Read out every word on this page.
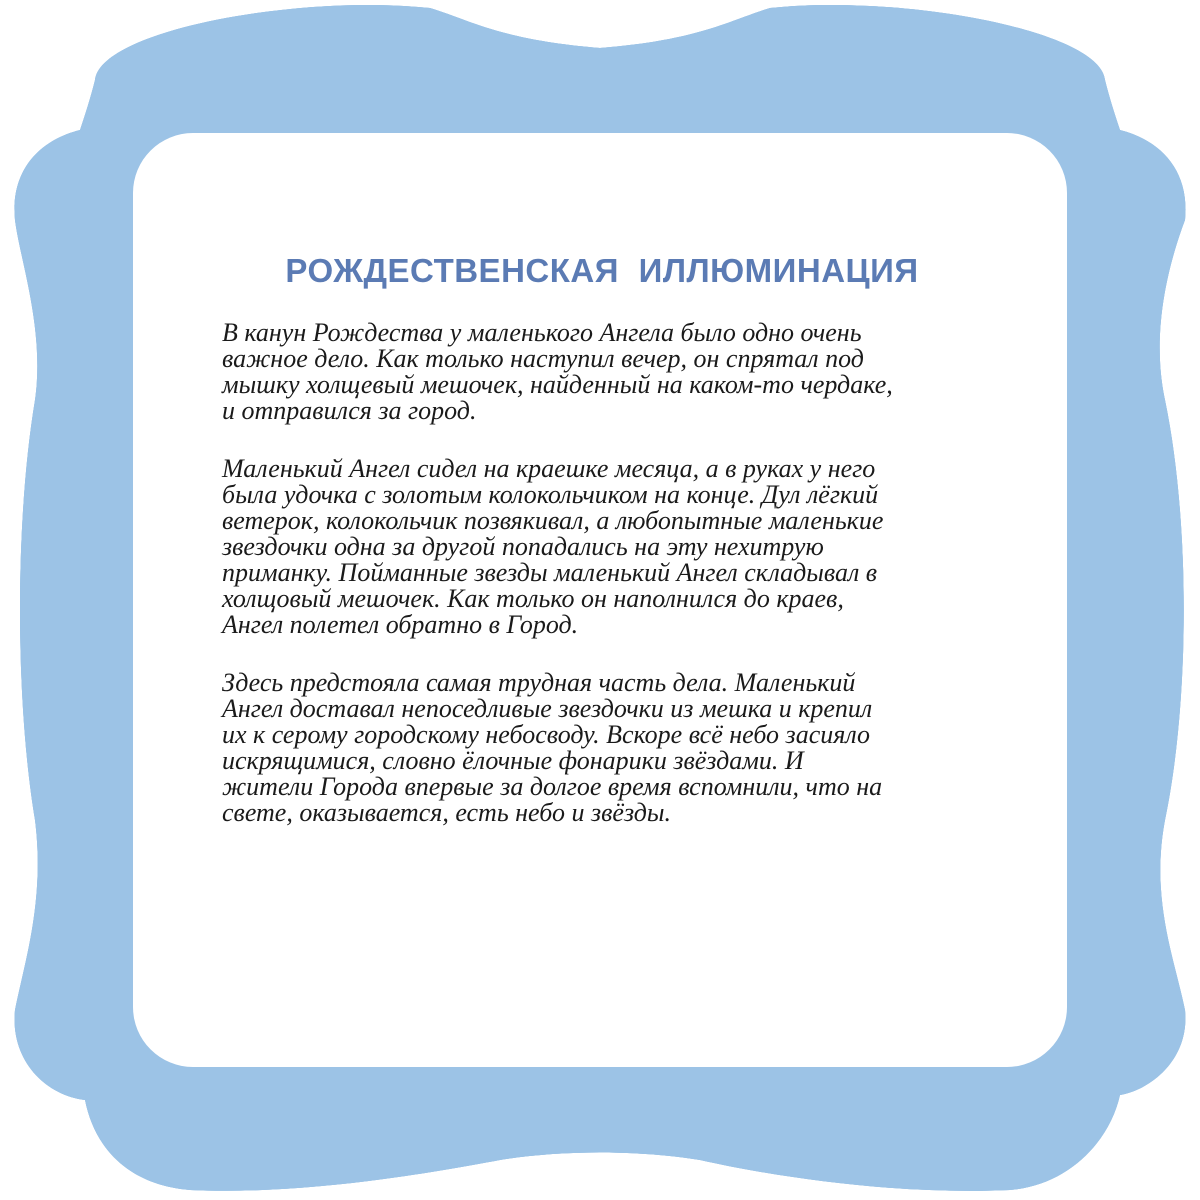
РОЖДЕСТВЕНСКАЯ ИЛЛЮМИНАЦИЯ
В канун Рождества у маленького Ангела было одно очень
важное дело. Как только наступил вечер, он спрятал под
мышку холщевый мешочек, найденный на каком-то чердаке,
и отправился за город.
Маленький Ангел сидел на краешке месяца, а в руках у него
была удочка с золотым колокольчиком на конце. Дул лёгкий
ветерок, колокольчик позвякивал, а любопытные маленькие
звездочки одна за другой попадались на эту нехитрую
приманку. Пойманные звезды маленький Ангел складывал в
холщовый мешочек. Как только он наполнился до краев,
Ангел полетел обратно в Город.
Здесь предстояла самая трудная часть дела. Маленький
Ангел доставал непоседливые звездочки из мешка и крепил
их к серому городскому небосводу. Вскоре всё небо засияло
искрящимися, словно ёлочные фонарики звёздами. И
жители Города впервые за долгое время вспомнили, что на
свете, оказывается, есть небо и звёзды.
